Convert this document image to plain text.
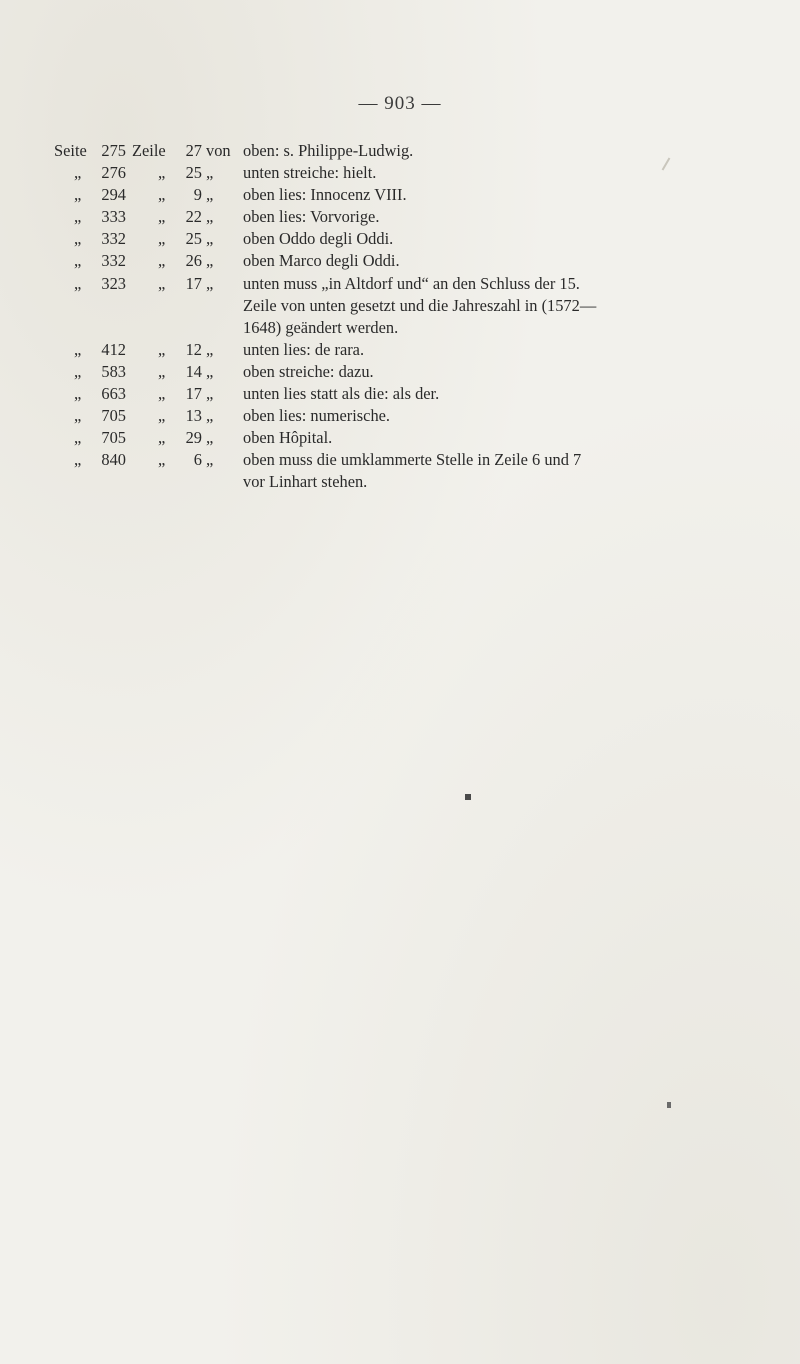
— 903 —
Seite 275 Zeile	27 von oben: s. Philippe-Ludwig.
„	276	„	25 „	unten streiche: hielt.
„	294	„	9 „	oben lies: Innocenz VIII.
„	333	„	22 „	oben lies: Vorvorige.
„	332	„	25 „	oben Oddo degli Oddi.
„	332	„	26 „	oben Marco degli Oddi.
„	323	„	17 „	unten muss „in Altdorf und“ an den Schluss der 15.
Zeile von unten gesetzt und die Jahreszahl in (1572—
1648) geändert werden.
„	412	„	12 „	unten lies: de rara.
„	583	„	14 „	oben streiche: dazu.
„	663	„	17 „	unten lies statt als die: als der.
„	705	„	13 „	oben lies: numerische.
„	705	„	29 „	oben Hôpital.
„	840	„	6 „	oben muss die umklammerte Stelle in Zeile 6 und 7
vor Linhart stehen.
